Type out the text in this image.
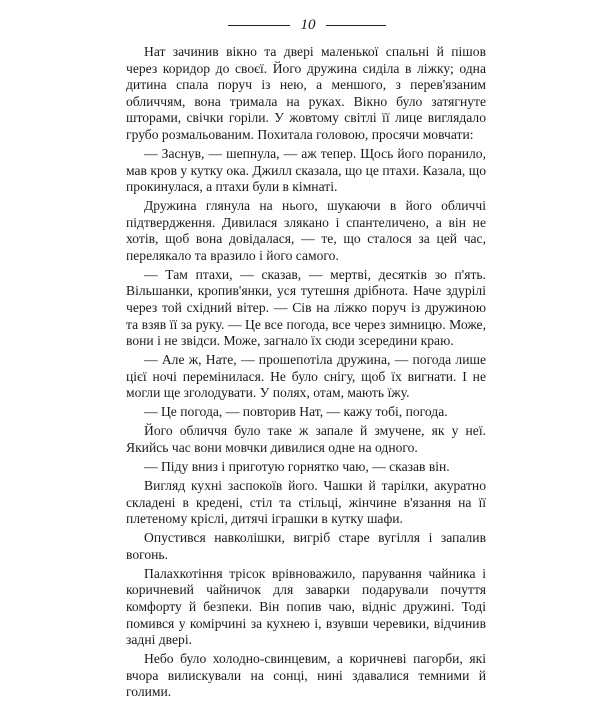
10

Нат зачинив вікно та двері маленької спальні й пішов через коридор до своєї. Його дружина сиділа в ліжку; одна дитина спала поруч із нею, а меншого, з перев'язаним обличчям, вона тримала на руках. Вікно було затягнуте шторами, свічки горіли. У жовтому світлі її лице виглядало грубо розмальованим. Похитала головою, просячи мовчати:

— Заснув, — шепнула, — аж тепер. Щось його поранило, мав кров у кутку ока. Джилл сказала, що це птахи. Казала, що прокинулася, а птахи були в кімнаті.

Дружина глянула на нього, шукаючи в його обличчі підтвердження. Дивилася злякано і спантеличено, а він не хотів, щоб вона довідалася, — те, що сталося за цей час, перелякало та вразило і його самого.

— Там птахи, — сказав, — мертві, десятків зо п'ять. Вільшанки, кропив'янки, уся тутешня дрібнота. Наче здурілі через той східний вітер. — Сів на ліжко поруч із дружиною та взяв її за руку. — Це все погода, все через зимницю. Може, вони і не звідси. Може, загнало їх сюди зсередини краю.

— Але ж, Нате, — прошепотіла дружина, — погода лише цієї ночі перемінилася. Не було снігу, щоб їх вигнати. І не могли ще зголодувати. У полях, отам, мають їжу.

— Це погода, — повторив Нат, — кажу тобі, погода.

Його обличчя було таке ж запале й змучене, як у неї. Якийсь час вони мовчки дивилися одне на одного.

— Піду вниз і приготую горнятко чаю, — сказав він.

Вигляд кухні заспокоїв його. Чашки й тарілки, акуратно складені в кредені, стіл та стільці, жінчине в'язання на її плетеному кріслі, дитячі іграшки в кутку шафи.

Опустився навколішки, вигріб старе вугілля і запалив вогонь.

Палахкотіння трісок врівноважило, парування чайника і коричневий чайничок для заварки подарували почуття комфорту й безпеки. Він попив чаю, відніс дружині. Тоді помився у комірчині за кухнею і, взувши черевики, відчинив задні двері.

Небо було холодно-свинцевим, а коричневі пагорби, які вчора вилискували на сонці, нині здавалися темними й голими.
